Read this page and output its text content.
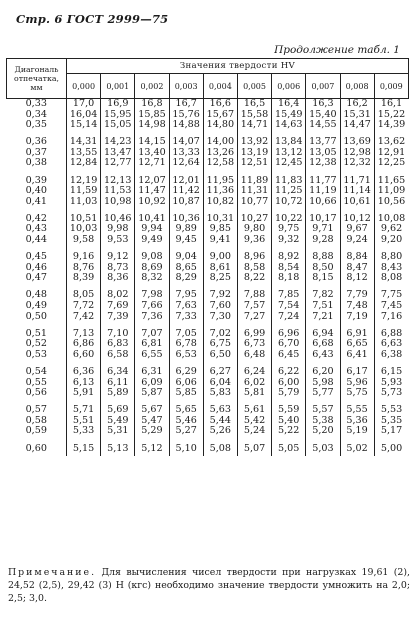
Стр. 6 ГОСТ 2999—75
Продолжение табл. 1
Диагональ
отпечатка, мм	Значения твердости HV									
	0,000	0,001	0,002	0,003	0,004	0,005	0,006	0,007	0,008	0,009
0,33	17,0	16,9	16,8	16,7	16,6	16,5	16,4	16,3	16,2	16,1
0,34	16,04	15,95	15,85	15,76	15,67	15,58	15,49	15,40	15,31	15,22
0,35	15,14	15,05	14,98	14,88	14,80	14,71	14,63	14,55	14,47	14,39
0,36	14,31	14,23	14,15	14,07	14,00	13,92	13,84	13,77	13,69	13,62
0,37	13,55	13,47	13,40	13,33	13,26	13,19	13,12	13,05	12,98	12,91
0,38	12,84	12,77	12,71	12,64	12,58	12,51	12,45	12,38	12,32	12,25
0,39	12,19	12,13	12,07	12,01	11,95	11,89	11,83	11,77	11,71	11,65
0,40	11,59	11,53	11,47	11,42	11,36	11,31	11,25	11,19	11,14	11,09
0,41	11,03	10,98	10,92	10,87	10,82	10,77	10,72	10,66	10,61	10,56
0,42	10,51	10,46	10,41	10,36	10,31	10,27	10,22	10,17	10,12	10,08
0,43	10,03	9,98	9,94	9,89	9,85	9,80	9,75	9,71	9,67	9,62
0,44	9,58	9,53	9,49	9,45	9,41	9,36	9,32	9,28	9,24	9,20
0,45	9,16	9,12	9,08	9,04	9,00	8,96	8,92	8,88	8,84	8,80
0,46	8,76	8,73	8,69	8,65	8,61	8,58	8,54	8,50	8,47	8,43
0,47	8,39	8,36	8,32	8,29	8,25	8,22	8,18	8,15	8,12	8,08
0,48	8,05	8,02	7,98	7,95	7,92	7,88	7,85	7,82	7,79	7,75
0,49	7,72	7,69	7,66	7,63	7,60	7,57	7,54	7,51	7,48	7,45
0,50	7,42	7,39	7,36	7,33	7,30	7,27	7,24	7,21	7,19	7,16
0,51	7,13	7,10	7,07	7,05	7,02	6,99	6,96	6,94	6,91	6,88
0,52	6,86	6,83	6,81	6,78	6,75	6,73	6,70	6,68	6,65	6,63
0,53	6,60	6,58	6,55	6,53	6,50	6,48	6,45	6,43	6,41	6,38
0,54	6,36	6,34	6,31	6,29	6,27	6,24	6,22	6,20	6,17	6,15
0,55	6,13	6,11	6,09	6,06	6,04	6,02	6,00	5,98	5,96	5,93
0,56	5,91	5,89	5,87	5,85	5,83	5,81	5,79	5,77	5,75	5,73
0,57	5,71	5,69	5,67	5,65	5,63	5,61	5,59	5,57	5,55	5,53
0,58	5,51	5,49	5,47	5,46	5,44	5,42	5,40	5,38	5,36	5,35
0,59	5,33	5,31	5,29	5,27	5,26	5,24	5,22	5,20	5,19	5,17
0,60	5,15	5,13	5,12	5,10	5,08	5,07	5,05	5,03	5,02	5,00
Примечание. Для вычисления чисел твердости при нагрузках 19,61 (2), 24,52 (2,5), 29,42 (3) Н (кгс) необходимо значение твердости умножить на 2,0; 2,5; 3,0.
